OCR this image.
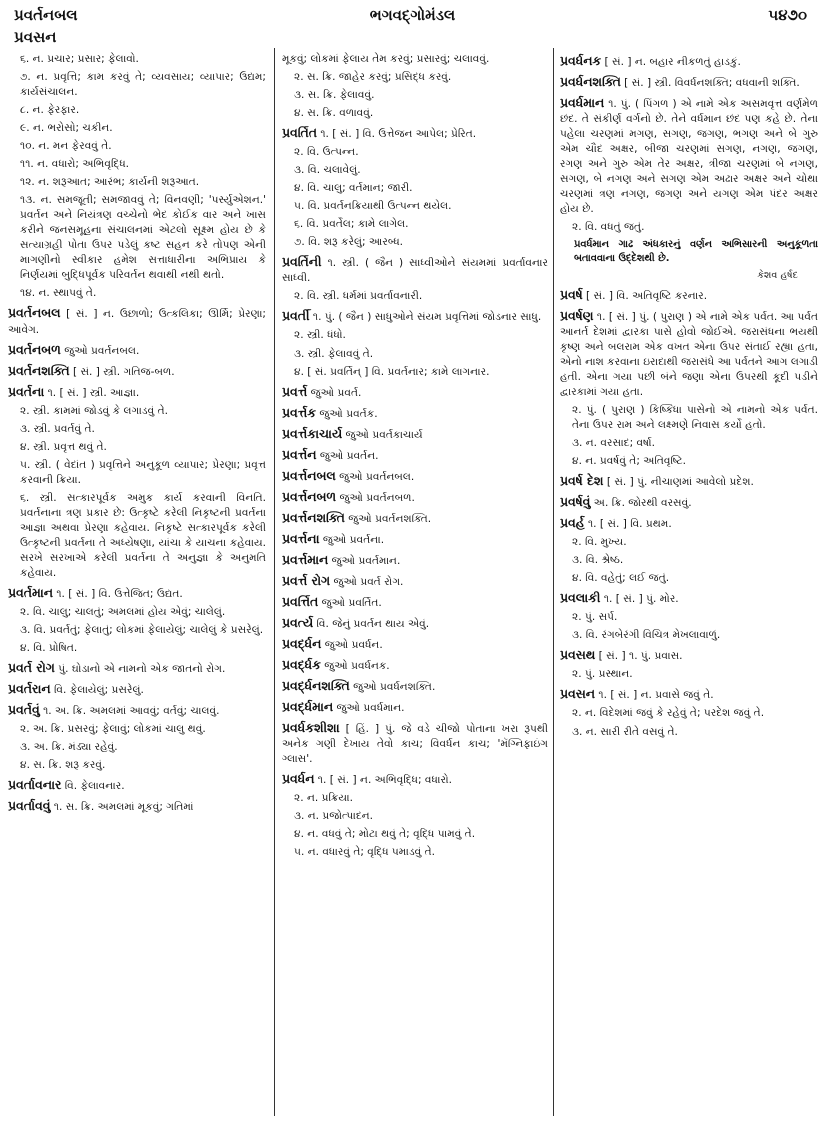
પ્રવર્તનબલ	ભગવદ્ગોમંડલ	૫૪૭૦
પ્રવસન
૬. ન. પ્રચાર; પ્રસાર; ફેલાવો.
૭. ન. પ્રવૃત્તિ; કામ કરવું તે; વ્યવસાય; વ્યાપાર; ઉદ્યમ; કાર્યસંચાલન.
૮. ન. ફેરફાર.
૯. ન. ભરોસો; ચકીન.
૧૦. ન. મન ફેરવવું તે.
૧૧. ન. વધારો; અભિવૃદ્ધિ.
૧૨. ન. શરૂઆત; આરંભ; કાર્યની શરૂઆત.
૧૩. ન. સમજૂતી; સમજાવવું તે; વિનવણી; 'પર્સ્યુએશન.' પ્રવર્તન અને નિયંત્રણ વચ્ચેનો ભેદ કોઈક વાર અને ખાસ કરીને જનસમૂહના સંચાલનમાં એટલો સૂક્ષ્મ હોય છે કે સત્યાગ્રહી પોતા ઉપર પડેલું કષ્ટ સહન કરે તોપણ એની માગણીનો સ્વીકાર હમેશ સત્તાધારીના અભિપ્રાય કે નિર્ણયમાં બુદ્ધિપૂર્વક પરિવર્તન થવાથી નથી થતો.
૧૪. ન. સ્થાપવું તે.
પ્રવર્તનબલ [ સં. ] ન. ઉછાળો; ઉત્કલિકા; ઊર્મિ; પ્રેરણા; આવેગ.
પ્રવર્તનબળ જુઓ પ્રવર્તનબલ.
પ્રવર્તનશક્તિ [ સં. ] સ્ત્રી. ગતિજ-બળ.
પ્રવર્તના ૧. [ સં. ] સ્ત્રી. આજ્ઞા.
૨. સ્ત્રી. કામમાં જોડવું કે લગાડવું તે.
૩. સ્ત્રી. પ્રવર્તવું તે.
૪. સ્ત્રી. પ્રવૃત્ત થવું તે.
૫. સ્ત્રી. ( વેદાંત ) પ્રવૃત્તિને અનુકૂળ વ્યાપાર; પ્રેરણા; પ્રવૃત્ત કરવાની ક્રિયા.
૬. સ્ત્રી. સત્કારપૂર્વક અમુક કાર્ય કરવાની વિનતિ. પ્રવર્તનાના ત્રણ પ્રકાર છે: ઉત્કૃષ્ટે કરેલી નિકૃષ્ટની પ્રવર્તના આજ્ઞા અથવા પ્રેરણા કહેવાય. નિકૃષ્ટે સત્કારપૂર્વક કરેલી ઉત્કૃષ્ટની પ્રવર્તના તે અધ્યેષણા, યાંચા કે યાચના કહેવાય. સરખે સરખાએ કરેલી પ્રવર્તના તે અનુજ્ઞા કે અનુમતિ કહેવાય.
પ્રવર્તમાન ૧. [ સં. ] વિ. ઉત્તેજિત; ઉદ્યત.
૨. વિ. ચાલુ; ચાલતું; અમલમાં હોય એવું; ચાલેલું.
૩. વિ. પ્રવર્તતું; ફેલાતું; લોકમાં ફેલાયેલું; ચાલેલું કે પ્રસરેલું.
૪. વિ. પ્રોષિત.
પ્રવર્ત રોગ પું. ઘોડાનો એ નામનો એક જાતનો રોગ.
પ્રવર્તરાન વિ. ફેલાયેલું; પ્રસરેલું.
પ્રવર્તવું ૧. અ. ક્રિ. અમલમાં આવવું; વર્તવું; ચાલવું.
૨. અ. ક્રિ. પ્રસરવું; ફેલાવું; લોકમાં ચાલુ થવું.
૩. અ. ક્રિ. મંડ્યા રહેવું.
૪. સ. ક્રિ. શરૂ કરવું.
પ્રવર્તાવનાર વિ. ફેલાવનાર.
પ્રવર્તાવવું ૧. સ. ક્રિ. અમલમાં મૂકવું; ગતિમાં
મૂકવું; લોકમાં ફેલાય તેમ કરવું; પ્રસારવું; ચલાવવું.
૨. સ. ક્રિ. જાહેર કરવું; પ્રસિદ્ધ કરવું.
૩. સ. ક્રિ. ફેલાવવું.
૪. સ. ક્રિ. વળાવવું.
પ્રવર્તિત ૧. [ સં. ] વિ. ઉત્તેજન આપેલ; પ્રેરિત.
૨. વિ. ઉત્પન્ન.
૩. વિ. ચલાવેલું.
૪. વિ. ચાલુ; વર્તમાન; જારી.
૫. વિ. પ્રવર્તનક્રિયાથી ઉત્પન્ન થયેલ.
૬. વિ. પ્રવર્તેલ; કામે લાગેલ.
૭. વિ. શરૂ કરેલું; આરબ્ધ.
પ્રવર્તિની ૧. સ્ત્રી. ( જૈન ) સાધ્વીઓને સંયમમાં પ્રવર્તાવનાર સાધ્વી.
૨. વિ. સ્ત્રી. ધર્મમાં પ્રવર્તાવનારી.
પ્રવર્તી ૧. પું. ( જૈન ) સાધુઓને સંયમ પ્રવૃત્તિમાં જોડનાર સાધુ.
૨. સ્ત્રી. ધંધો.
૩. સ્ત્રી. ફેલાવવું તે.
૪. [ સં. પ્રવર્તિન્ ] વિ. પ્રવર્તનાર; કામે લાગનાર.
પ્રવર્ત્ત જુઓ પ્રવર્ત.
પ્રવર્ત્તક જુઓ પ્રવર્તક.
પ્રવર્ત્તકાચાર્ય જુઓ પ્રવર્તકાચાર્ય
પ્રવર્ત્તન જુઓ પ્રવર્તન.
પ્રવર્ત્તનબલ જુઓ પ્રવર્તનબલ.
પ્રવર્ત્તનબળ જુઓ પ્રવર્તનબળ.
પ્રવર્ત્તનશક્તિ જુઓ પ્રવર્તનશક્તિ.
પ્રવર્ત્તના જુઓ પ્રવર્તના.
પ્રવર્ત્તમાન જુઓ પ્રવર્તમાન.
પ્રવર્ત્ત રોગ જુઓ પ્રવર્ત રોગ.
પ્રવર્ત્તિત જુઓ પ્રવર્તિત.
પ્રવર્ત્ય વિ. જેનું પ્રવર્તન થાય એવું.
પ્રવર્દ્ધન જુઓ પ્રવર્ધન.
પ્રવર્દ્ધક જુઓ પ્રવર્ધનક.
પ્રવર્દ્ધનશક્તિ જુઓ પ્રવર્ધનશક્તિ.
પ્રવર્દ્ધમાન જુઓ પ્રવર્ધમાન.
પ્રવર્ધકશીશા [ હિં. ] પું. જે વડે ચીજો પોતાના ખરા રૂપથી અનેક ગણી દેખાય તેવો કાચ; વિવર્ધન કાચ; 'મૅગ્નિફાઇંગ ગ્લાસ'.
પ્રવર્ધન ૧. [ સં. ] ન. અભિવૃદ્ધિ; વધારો.
૨. ન. પ્રક્રિયા.
૩. ન. પ્રજોત્પાદન.
૪. ન. વધવું તે; મોટા થવું તે; વૃદ્ધિ પામવું તે.
૫. ન. વધારવું તે; વૃદ્ધિ પમાડવું તે.
પ્રવર્ધનક [ સં. ] ન. બહાર નીકળતું હાડકું.
પ્રવર્ધનશક્તિ [ સં. ] સ્ત્રી. વિવર્ધનશક્તિ; વધવાની શક્તિ.
પ્રવર્ધમાન ૧. પું. ( પિંગળ ) એ નામે એક અસમવૃત્ત વર્ણમેળ છંદ. તે સંકીર્ણ વર્ગનો છે. તેને વર્ધમાન છંદ પણ કહે છે. તેના પહેલા ચરણમાં મગણ, સગણ, જગણ, ભગણ અને બે ગુરુ એમ ચૌદ અક્ષર, બીજા ચરણમાં સગણ, નગણ, જગણ, રગણ અને ગુરુ એમ તેર અક્ષર, ત્રીજા ચરણમાં બે નગણ, સગણ, બે નગણ અને સગણ એમ અઢાર અક્ષર અને ચોથા ચરણમાં ત્રણ નગણ, જગણ અને યગણ એમ પંદર અક્ષર હોય છે.
૨. વિ. વધતું જતું.
પ્રવર્ધમાન ગાઢ અંધકારનું વર્ણન અભિસારની અનુકૂળતા બતાવવાના ઉદ્દેશથી છે.
કેશવ હર્ષદ
પ્રવર્ષ [ સં. ] વિ. અતિવૃષ્ટિ કરનાર.
પ્રવર્ષણ ૧. [ સં. ] પું. ( પુરાણ ) એ નામે એક પર્વત. આ પર્વત આનર્ત દેશમાં દ્વારકા પાસે હોવો જોઈએ. જરાસંધના ભયથી કૃષ્ણ અને બલરામ એક વખત એના ઉપર સંતાઈ રહ્યા હતા, એનો નાશ કરવાના ઇરાદાથી જરાસંધે આ પર્વતને આગ લગાડી હતી. એના ગયા પછી બંને જણા એના ઉપરથી કૂદી પડીને દ્વારકામાં ગયા હતા.
૨. પું. ( પુરાણ ) કિષ્કિંધા પાસેનો એ નામનો એક પર્વત. તેના ઉપર રામ અને લક્ષ્મણે નિવાસ કર્યો હતો.
૩. ન. વરસાદ; વર્ષા.
૪. ન. પ્રવર્ષવું તે; અતિવૃષ્ટિ.
પ્રવર્ષ દેશ [ સં. ] પું. નીચાણમાં આવેલો પ્રદેશ.
પ્રવર્ષવું અ. ક્રિ. જોરથી વરસવું.
પ્રવર્હ ૧. [ સં. ] વિ. પ્રથમ.
૨. વિ. મુખ્ય.
૩. વિ. શ્રેષ્ઠ.
૪. વિ. વહેતું; લઈ જતું.
પ્રવલાકી ૧. [ સં. ] પું. મોર.
૨. પું. સર્પ.
૩. વિ. રંગબેરંગી વિચિત્ર મેખલાવાળું.
પ્રવસથ [ સં. ] ૧. પું. પ્રવાસ.
૨. પું. પ્રસ્થાન.
પ્રવસન ૧. [ સં. ] ન. પ્રવાસે જવું તે.
૨. ન. વિદેશમાં જવું કે રહેવું તે; પરદેશ જવું તે.
૩. ન. સારી રીતે વસવું તે.
